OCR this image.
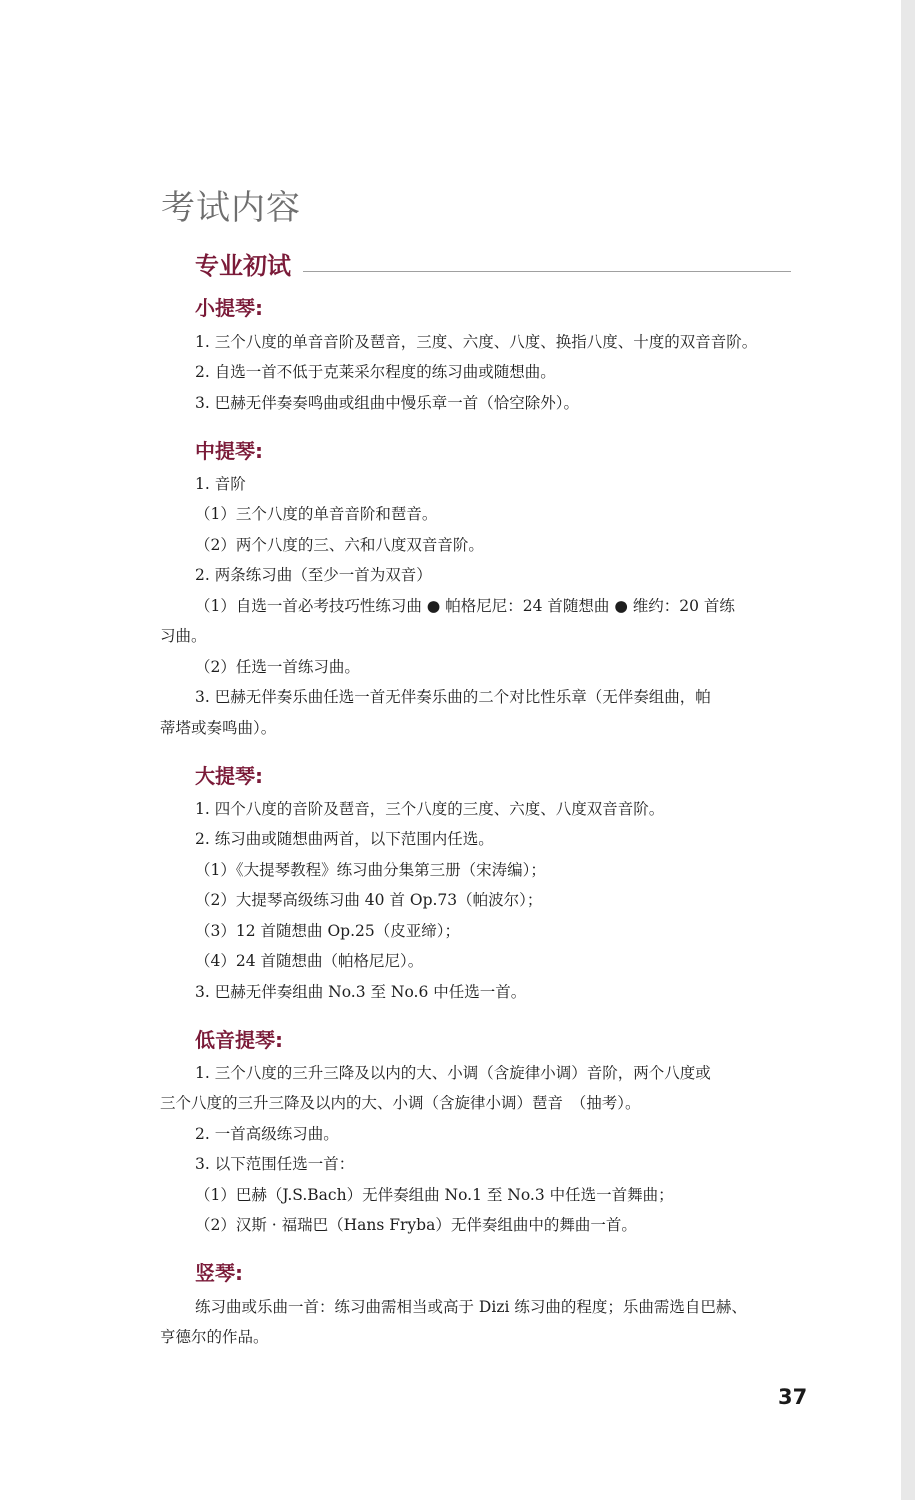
考试内容
专业初试
小提琴:
1. 三个八度的单音音阶及琶音，三度、六度、八度、换指八度、十度的双音音阶。
2. 自选一首不低于克莱采尔程度的练习曲或随想曲。
3. 巴赫无伴奏奏鸣曲或组曲中慢乐章一首（恰空除外）。
中提琴:
1. 音阶
（1）三个八度的单音音阶和琶音。
（2）两个八度的三、六和八度双音音阶。
2. 两条练习曲（至少一首为双音）
（1）自选一首必考技巧性练习曲 ● 帕格尼尼：24 首随想曲 ● 维约：20 首练
习曲。
（2）任选一首练习曲。
3. 巴赫无伴奏乐曲任选一首无伴奏乐曲的二个对比性乐章（无伴奏组曲，帕
蒂塔或奏鸣曲）。
大提琴:
1. 四个八度的音阶及琶音，三个八度的三度、六度、八度双音音阶。
2. 练习曲或随想曲两首，以下范围内任选。
（1）《大提琴教程》练习曲分集第三册（宋涛编）；
（2）大提琴高级练习曲 40 首 Op.73（帕波尔）；
（3）12 首随想曲 Op.25（皮亚缔）；
（4）24 首随想曲（帕格尼尼）。
3. 巴赫无伴奏组曲 No.3 至 No.6 中任选一首。
低音提琴:
1. 三个八度的三升三降及以内的大、小调（含旋律小调）音阶，两个八度或
三个八度的三升三降及以内的大、小调（含旋律小调）琶音　（抽考）。
2. 一首高级练习曲。
3. 以下范围任选一首：
（1）巴赫（J.S.Bach）无伴奏组曲 No.1 至 No.3 中任选一首舞曲；
（2）汉斯 · 福瑞巴（Hans Fryba）无伴奏组曲中的舞曲一首。
竖琴:
练习曲或乐曲一首：练习曲需相当或高于 Dizi 练习曲的程度；乐曲需选自巴赫、
亨德尔的作品。
37
